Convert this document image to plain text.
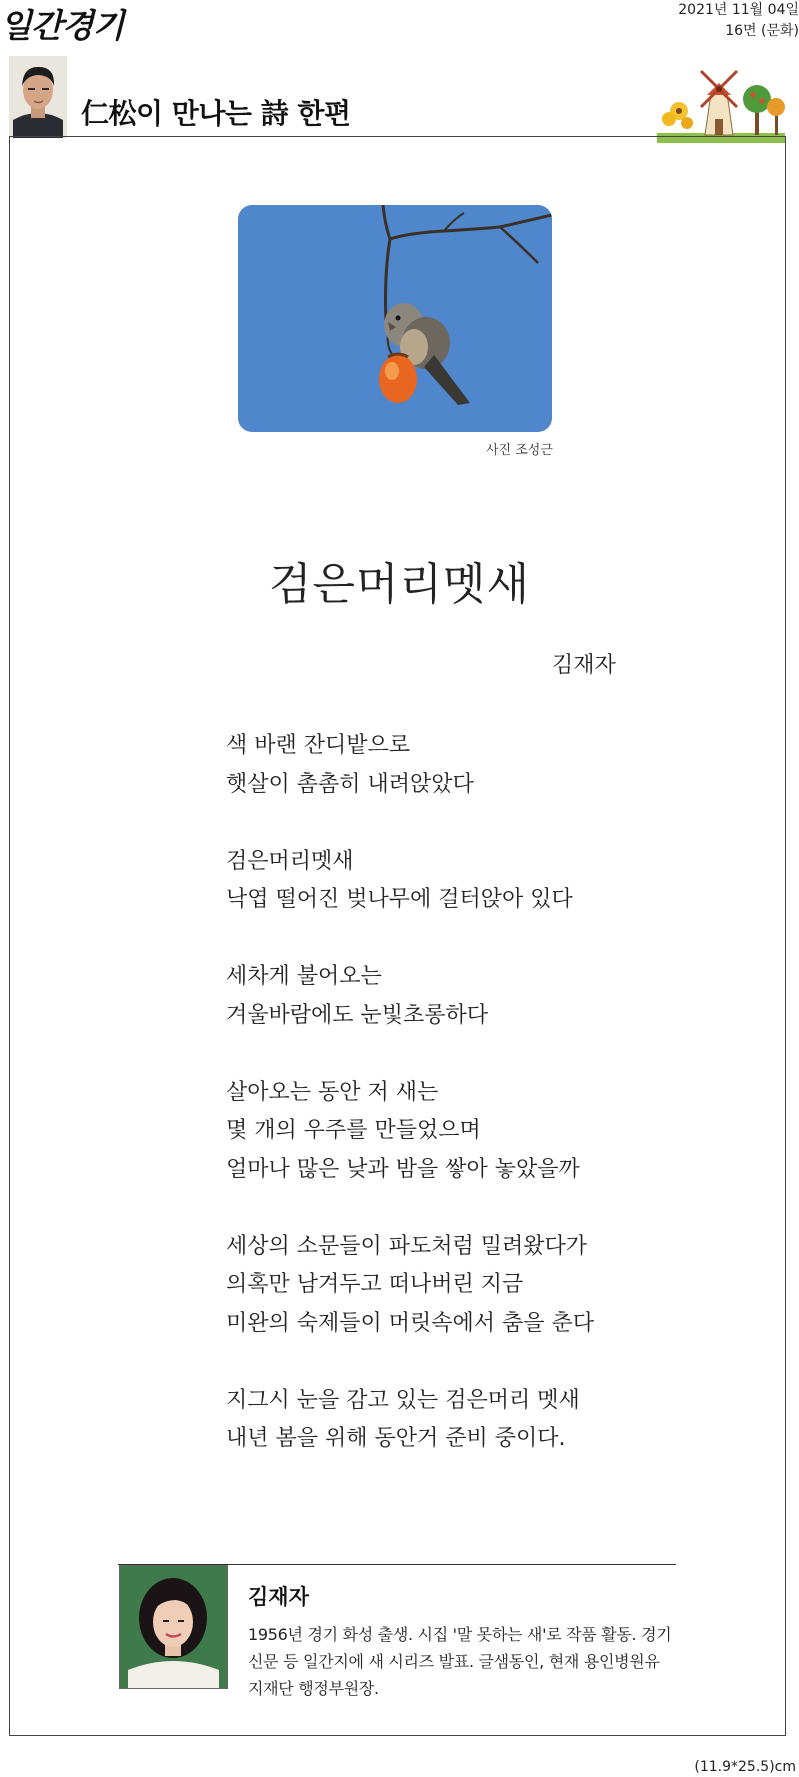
일간경기	2021년 11월 04일
16면 (문화)
仁松이 만나는 詩 한편
사진 조성근
검은머리멧새
김재자
색 바랜 잔디밭으로
햇살이 촘촘히 내려앉았다
검은머리멧새
낙엽 떨어진 벚나무에 걸터앉아 있다
세차게 불어오는
겨울바람에도 눈빛초롱하다
살아오는 동안 저 새는
몇 개의 우주를 만들었으며
얼마나 많은 낮과 밤을 쌓아 놓았을까
세상의 소문들이 파도처럼 밀려왔다가
의혹만 남겨두고 떠나버린 지금
미완의 숙제들이 머릿속에서 춤을 춘다
지그시 눈을 감고 있는 검은머리 멧새
내년 봄을 위해 동안거 준비 중이다.
김재자
1956년 경기 화성 출생. 시집 '말 못하는 새'로 작품 활동. 경기
신문 등 일간지에 새 시리즈 발표. 글샘동인, 현재 용인병원유
지재단 행정부원장.
(11.9*25.5)cm
